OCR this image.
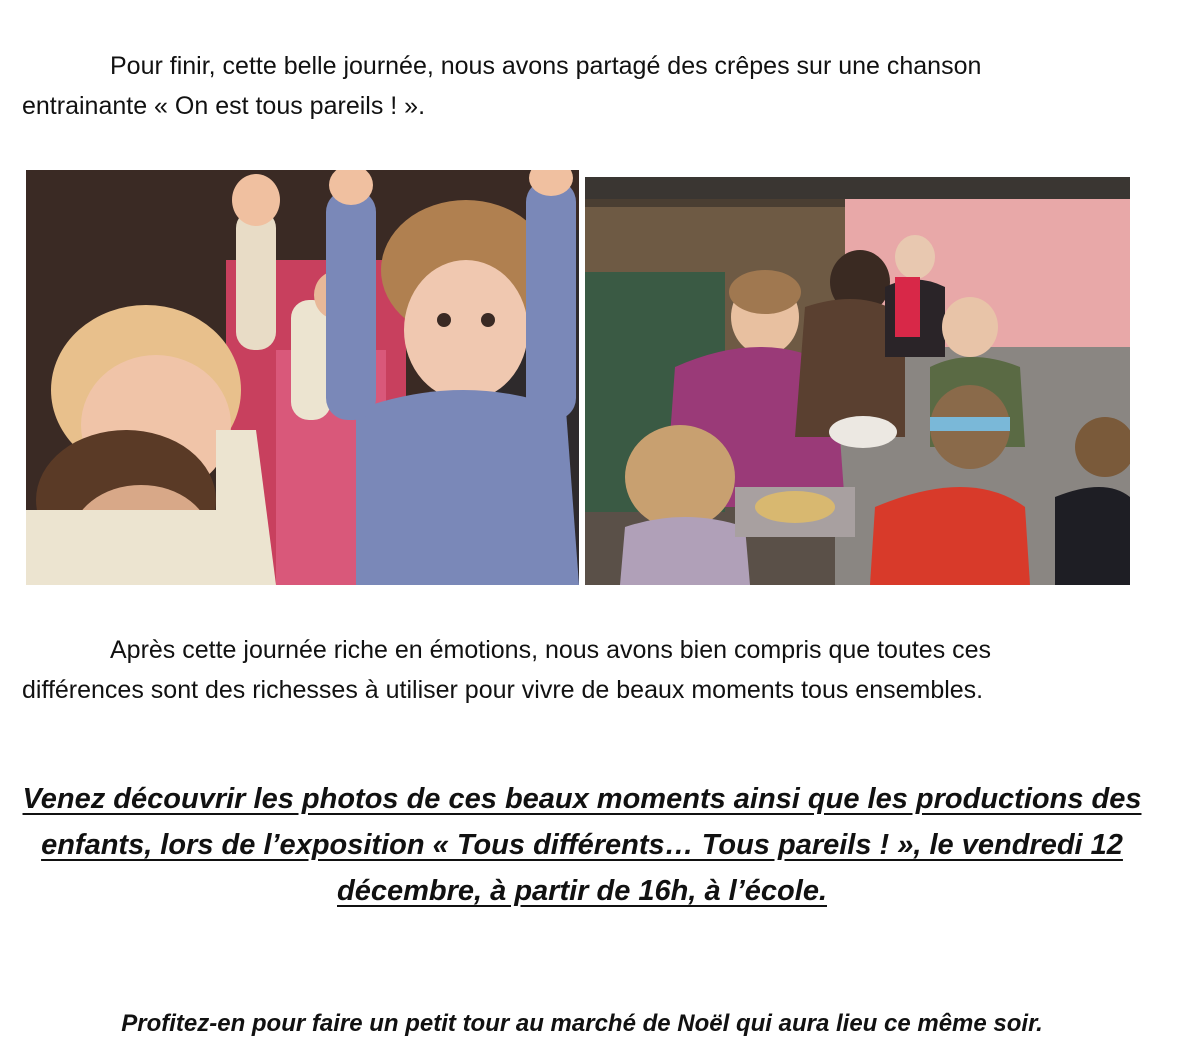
Pour finir, cette belle journée, nous avons partagé des crêpes sur une chanson
entrainante « On est tous pareils ! ».

Après cette journée riche en émotions, nous avons bien compris que toutes ces
différences sont des richesses à utiliser pour vivre de beaux moments tous ensembles.

Venez découvrir les photos de ces beaux moments ainsi que les productions des
enfants, lors de l’exposition « Tous différents… Tous pareils ! », le vendredi 12
décembre, à partir de 16h, à l’école.

Profitez-en pour faire un petit tour au marché de Noël qui aura lieu ce même soir.
